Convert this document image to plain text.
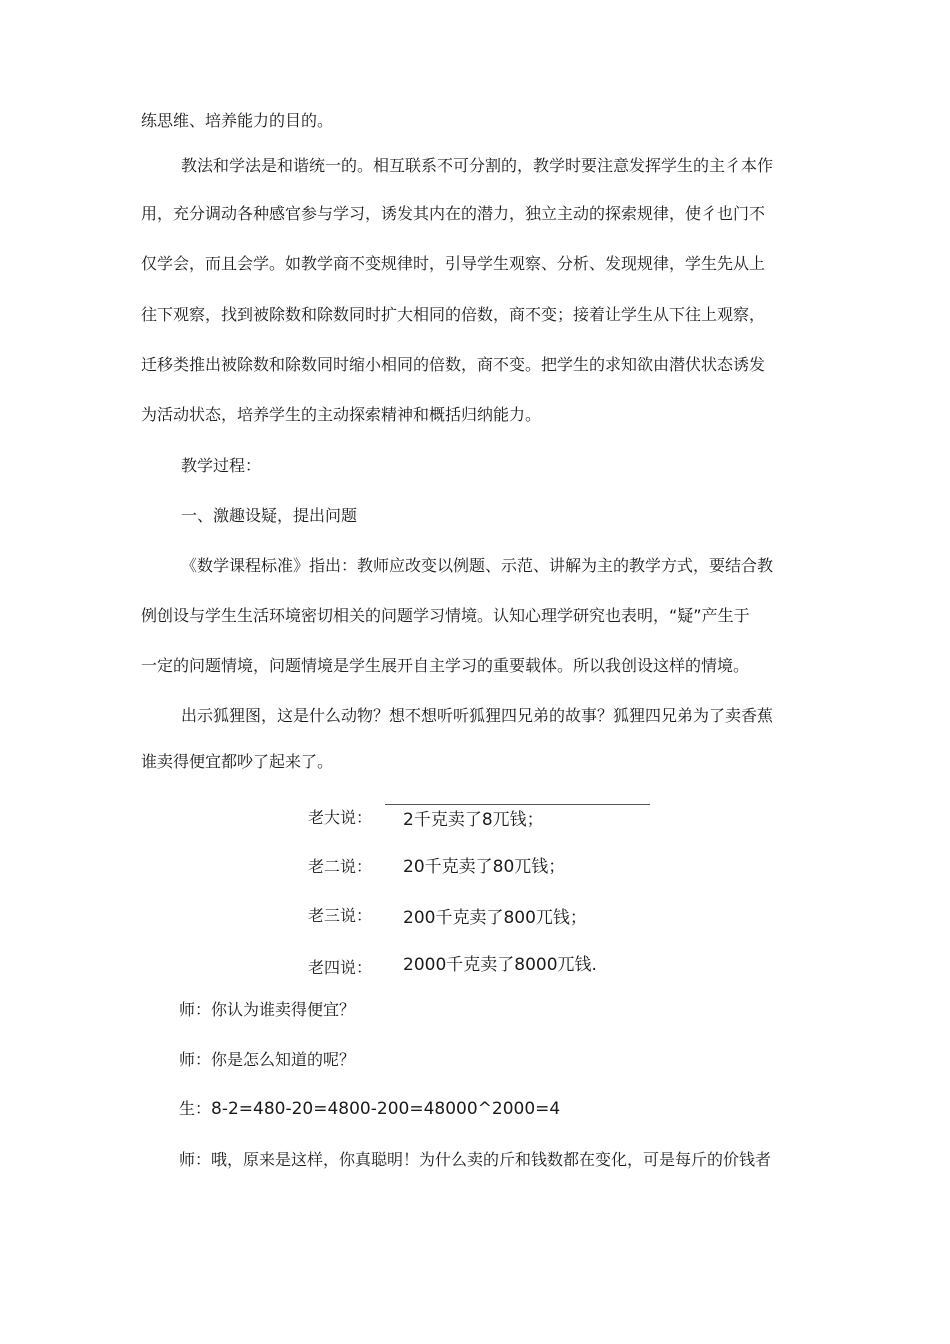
练思维、培养能力的目的。
教法和学法是和谐统一的。相互联系不可分割的，教学时要注意发挥学生的主彳本作
用，充分调动各种感官参与学习，诱发其内在的潜力，独立主动的探索规律，使彳也门不
仅学会，而且会学。如教学商不变规律时，引导学生观察、分析、发现规律，学生先从上
往下观察，找到被除数和除数同时扩大相同的倍数，商不变；接着让学生从下往上观察，
迁移类推出被除数和除数同时缩小相同的倍数，商不变。把学生的求知欲由潜伏状态诱发
为活动状态，培养学生的主动探索精神和概括归纳能力。
教学过程：
一、激趣设疑，提出问题
《数学课程标准》指出：教师应改变以例题、示范、讲解为主的教学方式，要结合教
例创设与学生生活环境密切相关的问题学习情境。认知心理学研究也表明，“疑”产生于
一定的问题情境，问题情境是学生展开自主学习的重要载体。所以我创设这样的情境。
出示狐狸图，这是什么动物？想不想听听狐狸四兄弟的故事？狐狸四兄弟为了卖香蕉
谁卖得便宜都吵了起来了。
老大说： 2千克卖了8兀钱；
老二说： 20千克卖了80兀钱；
老三说： 200千克卖了800兀钱；
老四说： 2000千克卖了8000兀钱.
师：你认为谁卖得便宜？
师：你是怎么知道的呢？
生：8-2=480-20=4800-200=48000^2000=4
师：哦，原来是这样，你真聪明！为什么卖的斤和钱数都在变化，可是每斤的价钱者
